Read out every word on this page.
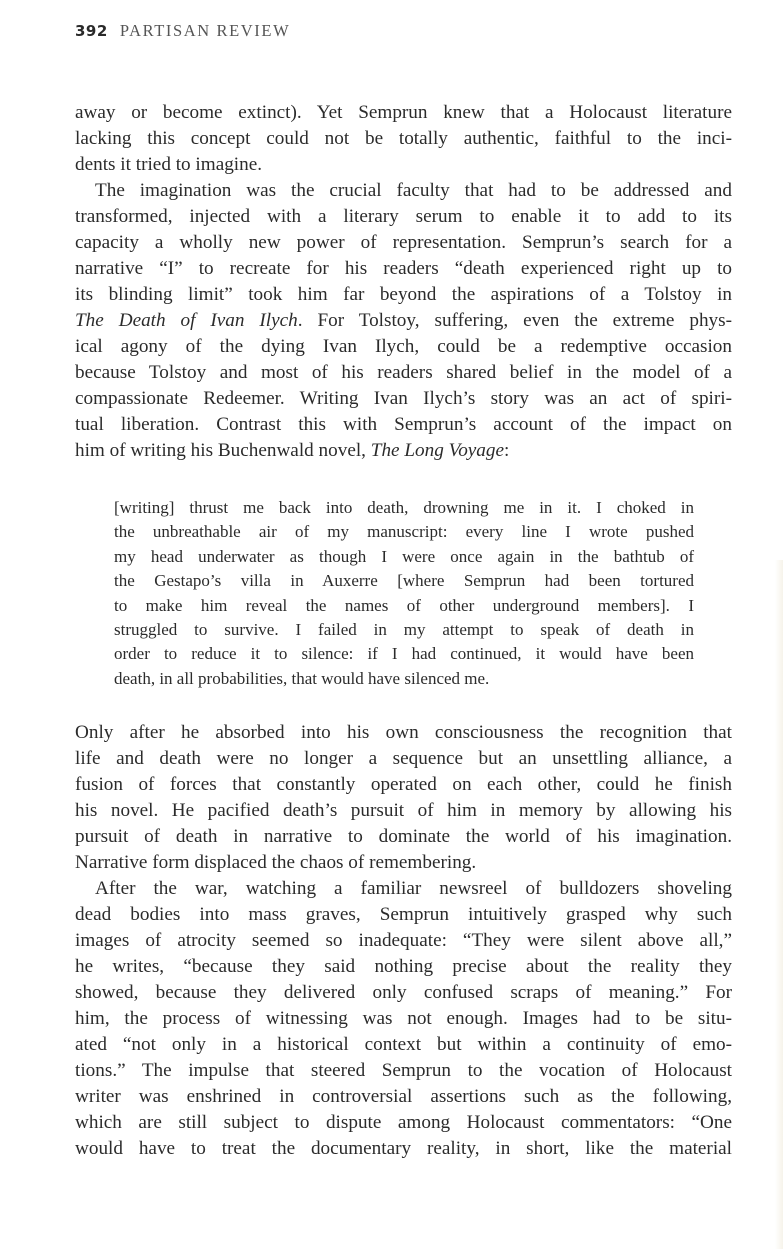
392 PARTISAN REVIEW
away or become extinct). Yet Semprun knew that a Holocaust literature
lacking this concept could not be totally authentic, faithful to the inci-
dents it tried to imagine.
The imagination was the crucial faculty that had to be addressed and
transformed, injected with a literary serum to enable it to add to its
capacity a wholly new power of representation. Semprun’s search for a
narrative “I” to recreate for his readers “death experienced right up to
its blinding limit” took him far beyond the aspirations of a Tolstoy in
The Death of Ivan Ilych. For Tolstoy, suffering, even the extreme phys-
ical agony of the dying Ivan Ilych, could be a redemptive occasion
because Tolstoy and most of his readers shared belief in the model of a
compassionate Redeemer. Writing Ivan Ilych’s story was an act of spiri-
tual liberation. Contrast this with Semprun’s account of the impact on
him of writing his Buchenwald novel, The Long Voyage:
[writing] thrust me back into death, drowning me in it. I choked in
the unbreathable air of my manuscript: every line I wrote pushed
my head underwater as though I were once again in the bathtub of
the Gestapo’s villa in Auxerre [where Semprun had been tortured
to make him reveal the names of other underground members]. I
struggled to survive. I failed in my attempt to speak of death in
order to reduce it to silence: if I had continued, it would have been
death, in all probabilities, that would have silenced me.
Only after he absorbed into his own consciousness the recognition that
life and death were no longer a sequence but an unsettling alliance, a
fusion of forces that constantly operated on each other, could he finish
his novel. He pacified death’s pursuit of him in memory by allowing his
pursuit of death in narrative to dominate the world of his imagination.
Narrative form displaced the chaos of remembering.
After the war, watching a familiar newsreel of bulldozers shoveling
dead bodies into mass graves, Semprun intuitively grasped why such
images of atrocity seemed so inadequate: “They were silent above all,”
he writes, “because they said nothing precise about the reality they
showed, because they delivered only confused scraps of meaning.” For
him, the process of witnessing was not enough. Images had to be situ-
ated “not only in a historical context but within a continuity of emo-
tions.” The impulse that steered Semprun to the vocation of Holocaust
writer was enshrined in controversial assertions such as the following,
which are still subject to dispute among Holocaust commentators: “One
would have to treat the documentary reality, in short, like the material
